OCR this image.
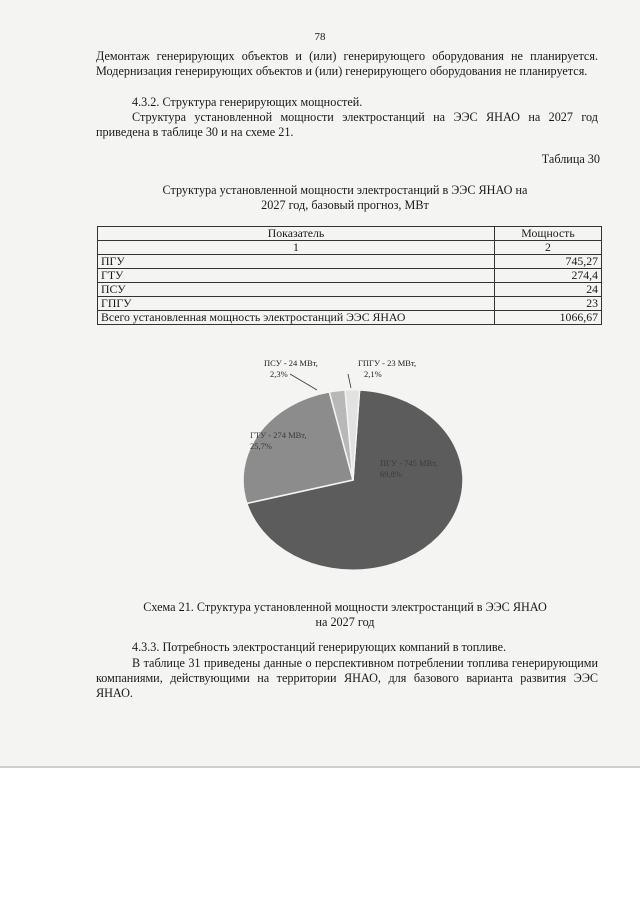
78
Демонтаж генерирующих объектов и (или) генерирующего оборудования не планируется. Модернизация генерирующих объектов и (или) генерирующего оборудования не планируется.
4.3.2. Структура генерирующих мощностей.
Структура установленной мощности электростанций на ЭЭС ЯНАО на 2027 год приведена в таблице 30 и на схеме 21.
Таблица 30
Структура установленной мощности электростанций в ЭЭС ЯНАО на
2027 год, базовый прогноз, МВт
Показатель	Мощность
1	2
ПГУ	745,27
ГТУ	274,4
ПСУ	24
ГПГУ	23
Всего установленная мощность электростанций ЭЭС ЯНАО	1066,67
ПГУ - 745 МВт,
69,8%
ГТУ - 274 МВт,
25,7%
ПСУ - 24 МВт,
2,3%
ГПГУ - 23 МВт,
2,1%
Схема 21. Структура установленной мощности электростанций в ЭЭС ЯНАО
на 2027 год
4.3.3. Потребность электростанций генерирующих компаний в топливе.
В таблице 31 приведены данные о перспективном потреблении топлива генерирующими компаниями, действующими на территории ЯНАО, для базового варианта развития ЭЭС ЯНАО.
